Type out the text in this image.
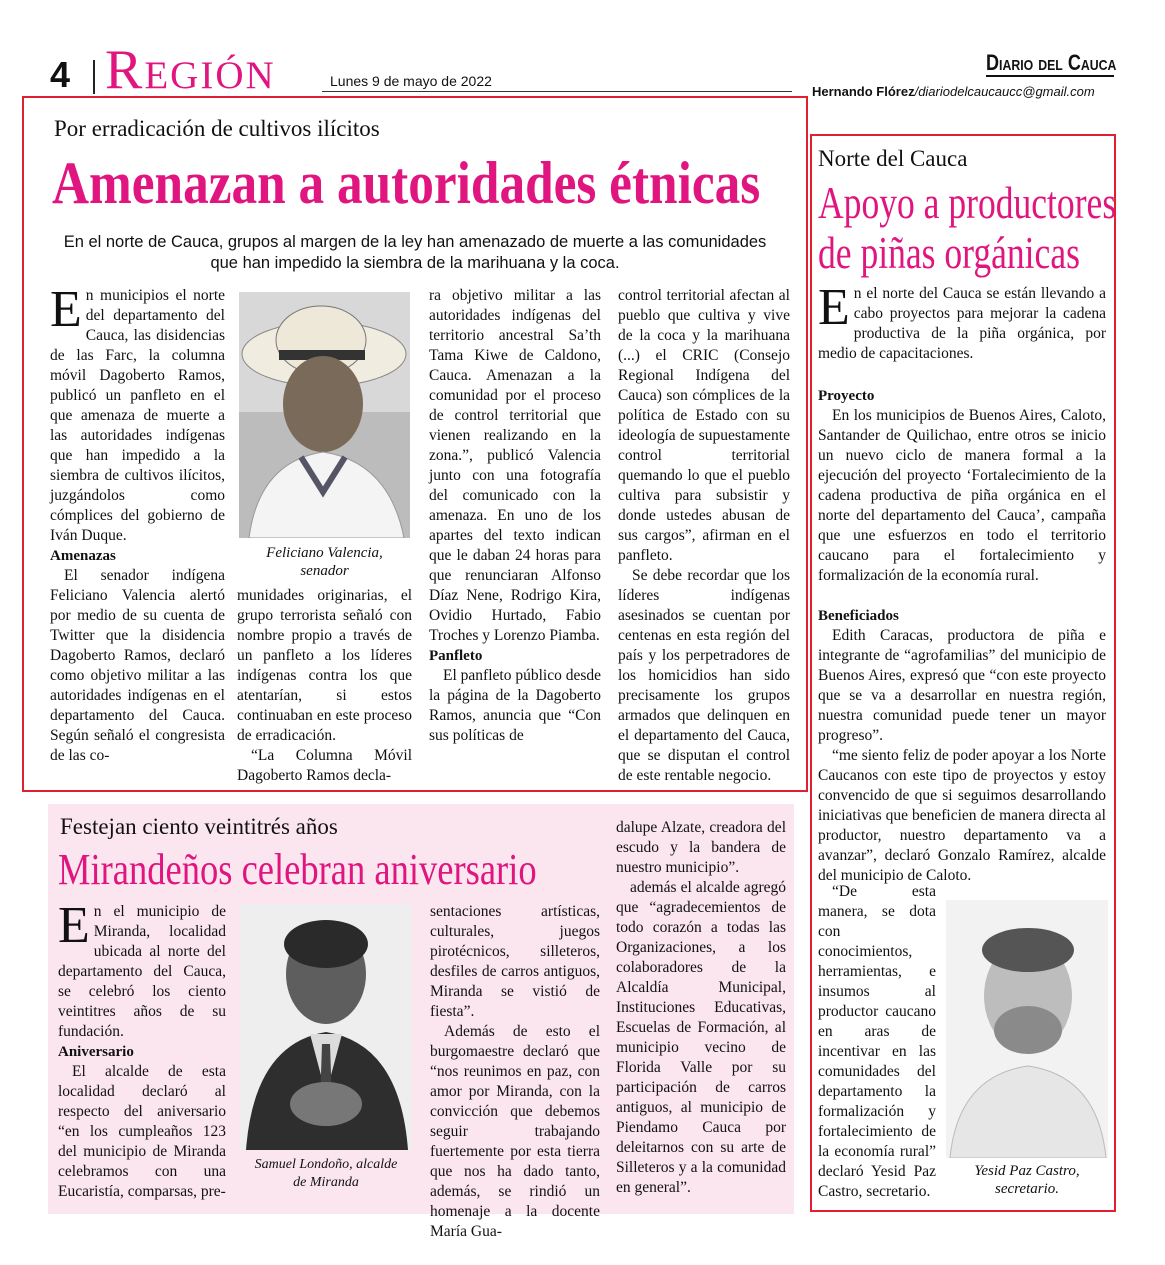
4 Región	Lunes 9 de mayo de 2022
Diario del Cauca
Hernando Flórez/diariodelcaucaucc@gmail.com
Por erradicación de cultivos ilícitos
Amenazan a autoridades étnicas
En el norte de Cauca, grupos al margen de la ley han amenazado de muerte a las comunidades
que han impedido la siembra de la marihuana y la coca.

En municipios el norte del departamento del Cauca, las disidencias de las Farc, la columna móvil Dagoberto Ramos, publicó un panfleto en el que amenaza de muerte a las autoridades indígenas que han impedido a la siembra de cultivos ilícitos, juzgándolos como cómplices del gobierno de Iván Duque.

Amenazas

El senador indígena Feliciano Valencia alertó por medio de su cuenta de Twitter que la disidencia Dagoberto Ramos, declaró como objetivo militar a las autoridades indígenas en el departamento del Cauca. Según señaló el congresista de las co-

Feliciano Valencia,
senador

munidades originarias, el grupo terrorista señaló con nombre propio a través de un panfleto a los líderes indígenas contra los que atentarían, si estos continuaban en este proceso de erradicación.

“La Columna Móvil Dagoberto Ramos decla-

ra objetivo militar a las autoridades indígenas del territorio ancestral Sa’th Tama Kiwe de Caldono, Cauca. Amenazan a la comunidad por el proceso de control territorial que vienen realizando en la zona.”, publicó Valencia junto con una fotografía del comunicado con la amenaza. En uno de los apartes del texto indican que le daban 24 horas para que renunciaran Alfonso Díaz Nene, Rodrigo Kira, Ovidio Hurtado, Fabio Troches y Lorenzo Piamba.

Panfleto

El panfleto público desde la página de la Dagoberto Ramos, anuncia que “Con sus políticas de

control territorial afectan al pueblo que cultiva y vive de la coca y la marihuana (...) el CRIC (Consejo Regional Indígena del Cauca) son cómplices de la política de Estado con su ideología de supuestamente control territorial quemando lo que el pueblo cultiva para subsistir y donde ustedes abusan de sus cargos”, afirman en el panfleto.

Se debe recordar que los líderes indígenas asesinados se cuentan por centenas en esta región del país y los perpetradores de los homicidios han sido precisamente los grupos armados que delinquen en el departamento del Cauca, que se disputan el control de este rentable negocio.

Festejan ciento veintitrés años
Mirandeños celebran aniversario

En el municipio de Miranda, localidad ubicada al norte del departamento del Cauca, se celebró los ciento veintitres años de su fundación.

Aniversario

El alcalde de esta localidad declaró al respecto del aniversario “en los cumpleaños 123 del municipio de Miranda celebramos con una Eucaristía, comparsas, pre-

Samuel Londoño, alcalde
de Miranda

sentaciones artísticas, culturales, juegos pirotécnicos, silleteros, desfiles de carros antiguos, Miranda se vistió de fiesta”.

Además de esto el burgomaestre declaró que “nos reunimos en paz, con amor por Miranda, con la convicción que debemos seguir trabajando fuertemente por esta tierra que nos ha dado tanto, además, se rindió un homenaje a la docente María Gua-

dalupe Alzate, creadora del escudo y la bandera de nuestro municipio”.

además el alcalde agregó que “agradecemientos de todo corazón a todas las Organizaciones, a los colaboradores de la Alcaldía Municipal, Instituciones Educativas, Escuelas de Formación, al municipio vecino de Florida Valle por su participación de carros antiguos, al municipio de Piendamo Cauca por deleitarnos con su arte de Silleteros y a la comunidad en general”.

Norte del Cauca
Apoyo a productores
de piñas orgánicas

En el norte del Cauca se están llevando a cabo proyectos para mejorar la cadena productiva de la piña orgánica, por medio de capacitaciones.

Proyecto

En los municipios de Buenos Aires, Caloto, Santander de Quilichao, entre otros se inicio un nuevo ciclo de manera formal a la ejecución del proyecto ‘Fortalecimiento de la cadena productiva de piña orgánica en el norte del departamento del Cauca’, campaña que une esfuerzos en todo el territorio caucano para el fortalecimiento y formalización de la economía rural.

Beneficiados

Edith Caracas, productora de piña e integrante de “agrofamilias” del municipio de Buenos Aires, expresó que “con este proyecto que se va a desarrollar en nuestra región, nuestra comunidad puede tener un mayor progreso”.

“me siento feliz de poder apoyar a los Norte Caucanos con este tipo de proyectos y estoy convencido de que si seguimos desarrollando iniciativas que beneficien de manera directa al productor, nuestro departamento va a avanzar”, declaró Gonzalo Ramírez, alcalde del municipio de Caloto.

“De esta manera, se dota con conocimientos, herramientas, e insumos al productor caucano en aras de incentivar en las comunidades del departamento la formalización y fortalecimiento de la economía rural” declaró Yesid Paz Castro, secretario.

Yesid Paz Castro,
secretario.
